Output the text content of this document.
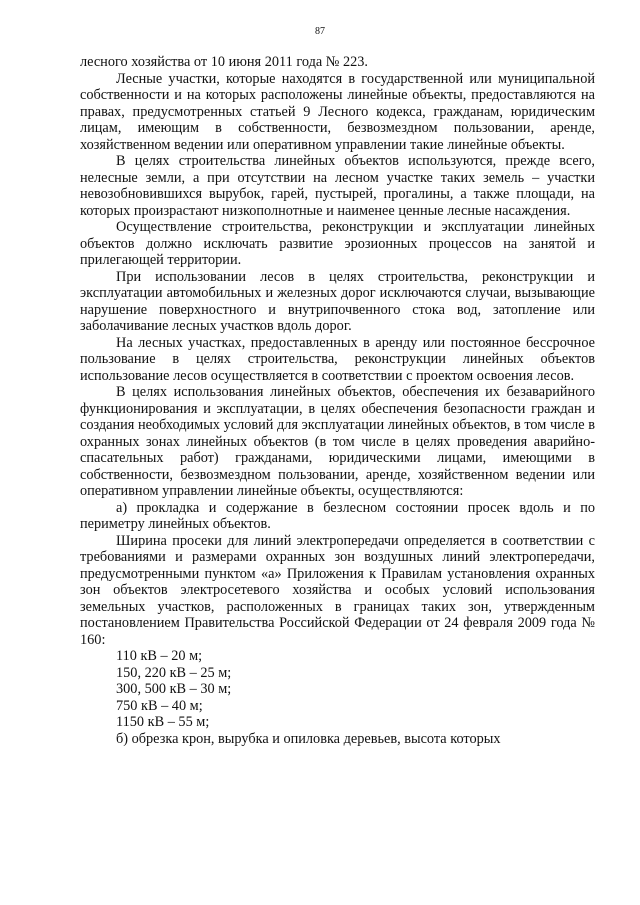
87

лесного хозяйства от 10 июня 2011 года № 223.

Лесные участки, которые находятся в государственной или муниципальной собственности и на которых расположены линейные объекты, предоставляются на правах, предусмотренных статьей 9 Лесного кодекса, гражданам, юридическим лицам, имеющим в собственности, безвозмездном пользовании, аренде, хозяйственном ведении или оперативном управлении такие линейные объекты.

В целях строительства линейных объектов используются, прежде всего, нелесные земли, а при отсутствии на лесном участке таких земель – участки невозобновившихся вырубок, гарей, пустырей, прогалины, а также площади, на которых произрастают низкополнотные и наименее ценные лесные насаждения.

Осуществление строительства, реконструкции и эксплуатации линейных объектов должно исключать развитие эрозионных процессов на занятой и прилегающей территории.

При использовании лесов в целях строительства, реконструкции и эксплуатации автомобильных и железных дорог исключаются случаи, вызывающие нарушение поверхностного и внутрипочвенного стока вод, затопление или заболачивание лесных участков вдоль дорог.

На лесных участках, предоставленных в аренду или постоянное бессрочное пользование в целях строительства, реконструкции линейных объектов использование лесов осуществляется в соответствии с проектом освоения лесов.

В целях использования линейных объектов, обеспечения их безаварийного функционирования и эксплуатации, в целях обеспечения безопасности граждан и создания необходимых условий для эксплуатации линейных объектов, в том числе в охранных зонах линейных объектов (в том числе в целях проведения аварийно-спасательных работ) гражданами, юридическими лицами, имеющими в собственности, безвозмездном пользовании, аренде, хозяйственном ведении или оперативном управлении линейные объекты, осуществляются:

а) прокладка и содержание в безлесном состоянии просек вдоль и по периметру линейных объектов.

Ширина просеки для линий электропередачи определяется в соответствии с требованиями и размерами охранных зон воздушных линий электропередачи, предусмотренными пунктом «а» Приложения к Правилам установления охранных зон объектов электросетевого хозяйства и особых условий использования земельных участков, расположенных в границах таких зон, утвержденным постановлением Правительства Российской Федерации от 24 февраля 2009 года № 160:

110 кВ – 20 м;
150, 220 кВ – 25 м;
300, 500 кВ – 30 м;
750 кВ – 40 м;
1150 кВ – 55 м;

б) обрезка крон, вырубка и опиловка деревьев, высота которых
